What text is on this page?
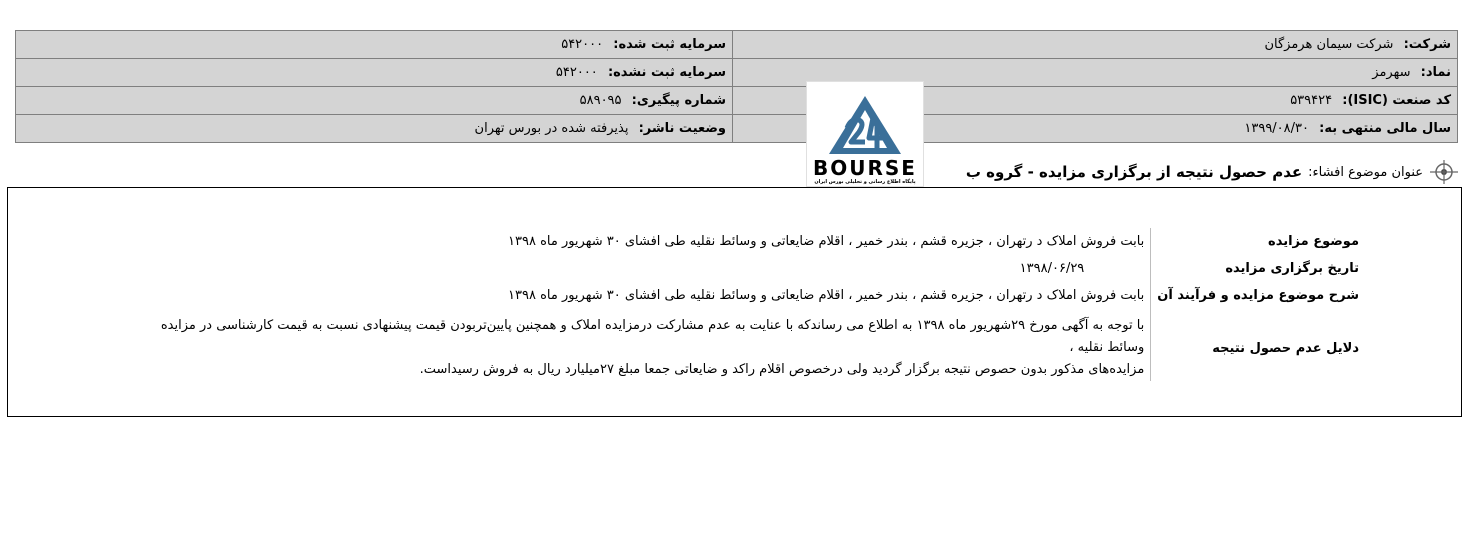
شرکت: شرکت سیمان هرمزگان	سرمایه ثبت شده: ۵۴۲۰۰۰
نماد: سهرمز	سرمایه ثبت نشده: ۵۴۲۰۰۰
کد صنعت (ISIC): ۵۳۹۴۲۴	شماره پیگیری: ۵۸۹۰۹۵
سال مالی منتهی به: ۱۳۹۹/۰۸/۳۰	وضعیت ناشر: پذیرفته شده در بورس تهران
BOURSE
پایگاه اطلاع رسانی و تحلیلی بورس ایران
عنوان موضوع افشاء:
عدم حصول نتیجه از برگزاری مزایده - گروه ب
موضوع مزایده	بابت فروش املاک د رتهران ، جزیره قشم ، بندر خمیر ، اقلام ضایعاتی و وسائط نقلیه طی افشای ۳۰ شهریور ماه ۱۳۹۸
تاریخ برگزاری مزایده	۱۳۹۸/۰۶/۲۹
شرح موضوع مزایده و فرآیند آن	بابت فروش املاک د رتهران ، جزیره قشم ، بندر خمیر ، اقلام ضایعاتی و وسائط نقلیه طی افشای ۳۰ شهریور ماه ۱۳۹۸
دلایل عدم حصول نتیجه	با توجه به آگهی مورخ ۲۹شهریور ماه ۱۳۹۸ به اطلاع می رساندکه با عنایت به عدم مشارکت درمزایده املاک و همچنین پایین‌تربودن قیمت پیشنهادی نسبت به قیمت کارشناسی در مزایده وسائط نقلیه ،
مزایده‌های مذکور بدون حصوص نتیجه برگزار گردید ولی درخصوص اقلام راکد و ضایعاتی جمعا مبلغ ۲۷میلیارد ریال به فروش رسیداست.
